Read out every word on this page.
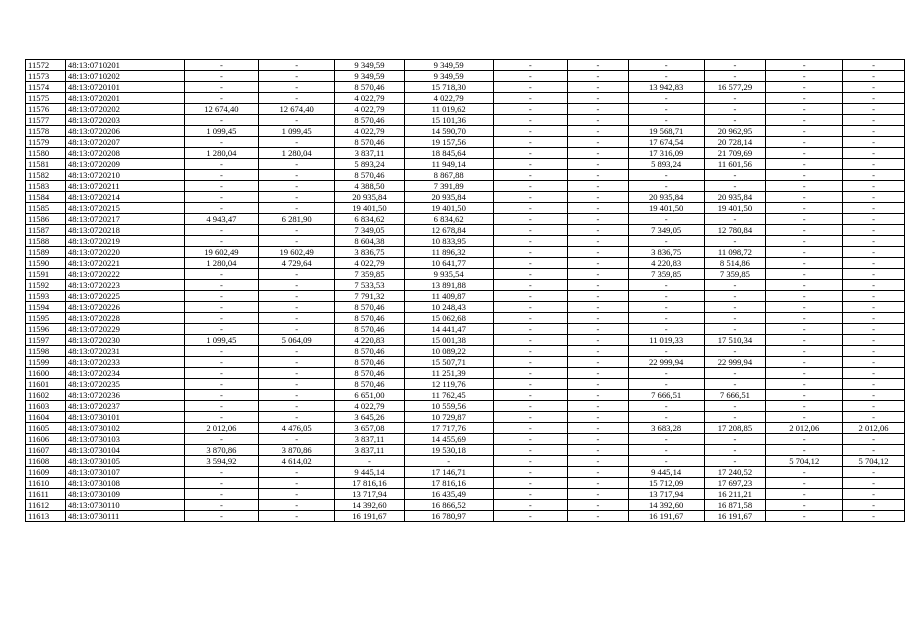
11572	48:13:0710201	-	-	9 349,59	9 349,59	-	-	-	-	-	-
11573	48:13:0710202	-	-	9 349,59	9 349,59	-	-	-	-	-	-
11574	48:13:0720101	-	-	8 570,46	15 718,30	-	-	13 942,83	16 577,29	-	-
11575	48:13:0720201	-	-	4 022,79	4 022,79	-	-	-	-	-	-
11576	48:13:0720202	12 674,40	12 674,40	4 022,79	11 019,62	-	-	-	-	-	-
11577	48:13:0720203	-	-	8 570,46	15 101,36	-	-	-	-	-	-
11578	48:13:0720206	1 099,45	1 099,45	4 022,79	14 590,70	-	-	19 568,71	20 962,95	-	-
11579	48:13:0720207	-	-	8 570,46	19 157,56	-	-	17 674,54	20 728,14	-	-
11580	48:13:0720208	1 280,04	1 280,04	3 837,11	18 845,64	-	-	17 316,09	21 709,69	-	-
11581	48:13:0720209	-	-	5 893,24	11 949,14	-	-	5 893,24	11 601,56	-	-
11582	48:13:0720210	-	-	8 570,46	8 867,88	-	-	-	-	-	-
11583	48:13:0720211	-	-	4 388,50	7 391,89	-	-	-	-	-	-
11584	48:13:0720214	-	-	20 935,84	20 935,84	-	-	20 935,84	20 935,84	-	-
11585	48:13:0720215	-	-	19 401,50	19 401,50	-	-	19 401,50	19 401,50	-	-
11586	48:13:0720217	4 943,47	6 281,90	6 834,62	6 834,62	-	-	-	-	-	-
11587	48:13:0720218	-	-	7 349,05	12 678,84	-	-	7 349,05	12 780,84	-	-
11588	48:13:0720219	-	-	8 604,38	10 833,95	-	-	-	-	-	-
11589	48:13:0720220	19 602,49	19 602,49	3 836,75	11 896,32	-	-	3 836,75	11 098,72	-	-
11590	48:13:0720221	1 280,04	4 729,64	4 022,79	10 641,77	-	-	4 220,83	8 514,86	-	-
11591	48:13:0720222	-	-	7 359,85	9 935,54	-	-	7 359,85	7 359,85	-	-
11592	48:13:0720223	-	-	7 533,53	13 891,88	-	-	-	-	-	-
11593	48:13:0720225	-	-	7 791,32	11 409,87	-	-	-	-	-	-
11594	48:13:0720226	-	-	8 570,46	10 248,43	-	-	-	-	-	-
11595	48:13:0720228	-	-	8 570,46	15 062,68	-	-	-	-	-	-
11596	48:13:0720229	-	-	8 570,46	14 441,47	-	-	-	-	-	-
11597	48:13:0720230	1 099,45	5 064,09	4 220,83	15 001,38	-	-	11 019,33	17 510,34	-	-
11598	48:13:0720231	-	-	8 570,46	10 089,22	-	-	-	-	-	-
11599	48:13:0720233	-	-	8 570,46	15 507,71	-	-	22 999,94	22 999,94	-	-
11600	48:13:0720234	-	-	8 570,46	11 251,39	-	-	-	-	-	-
11601	48:13:0720235	-	-	8 570,46	12 119,76	-	-	-	-	-	-
11602	48:13:0720236	-	-	6 651,00	11 762,45	-	-	7 666,51	7 666,51	-	-
11603	48:13:0720237	-	-	4 022,79	10 559,56	-	-	-	-	-	-
11604	48:13:0730101	-	-	3 645,26	10 729,87	-	-	-	-	-	-
11605	48:13:0730102	2 012,06	4 476,05	3 657,08	17 717,76	-	-	3 683,28	17 208,85	2 012,06	2 012,06
11606	48:13:0730103	-	-	3 837,11	14 455,69	-	-	-	-	-	-
11607	48:13:0730104	3 870,86	3 870,86	3 837,11	19 530,18	-	-	-	-	-	-
11608	48:13:0730105	3 594,92	4 614,02	-	-	-	-	-	-	5 704,12	5 704,12
11609	48:13:0730107	-	-	9 445,14	17 146,71	-	-	9 445,14	17 240,52	-	-
11610	48:13:0730108	-	-	17 816,16	17 816,16	-	-	15 712,09	17 697,23	-	-
11611	48:13:0730109	-	-	13 717,94	16 435,49	-	-	13 717,94	16 211,21	-	-
11612	48:13:0730110	-	-	14 392,60	16 866,52	-	-	14 392,60	16 871,58	-	-
11613	48:13:0730111	-	-	16 191,67	16 780,97	-	-	16 191,67	16 191,67	-	-
